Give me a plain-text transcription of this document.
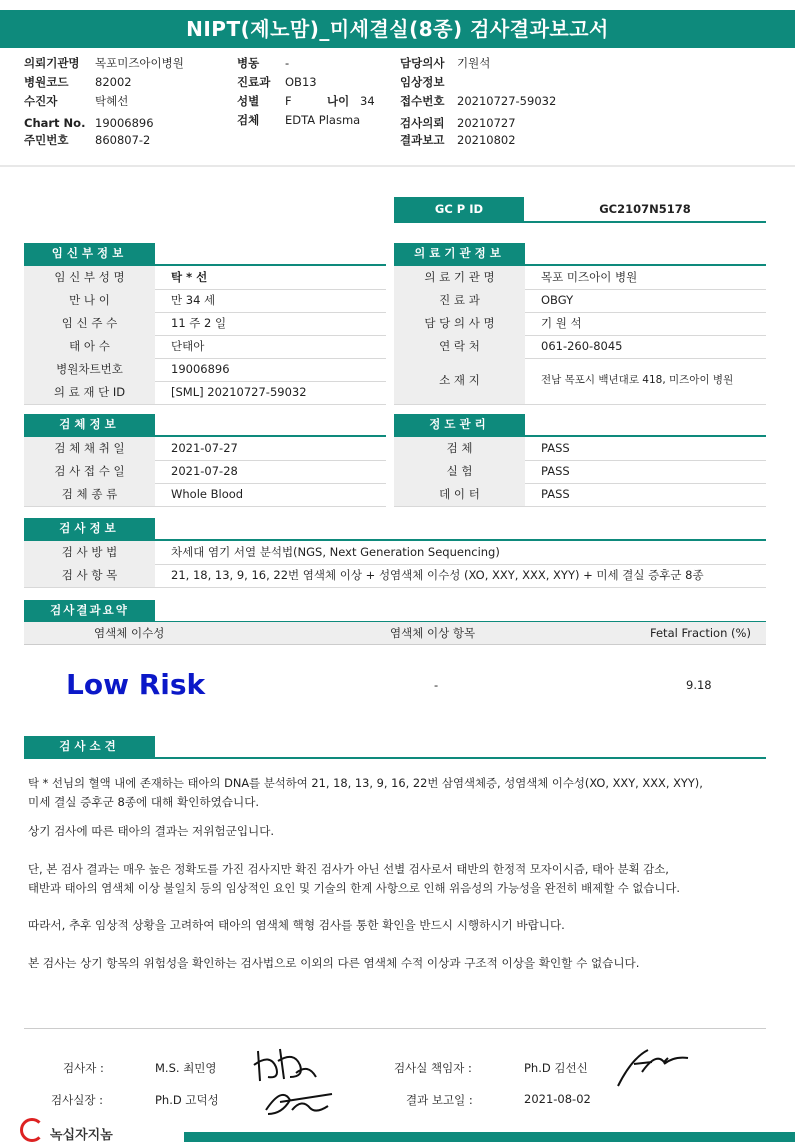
NIPT(제노맘)_미세결실(8종) 검사결과보고서
의뢰기관명 목포미즈아이병원
병원코드 82002
수진자	탁혜선
Chart No. 19006896
주민번호 860807-2
병동 -
진료과 OB13
성별 F	나이 34
검체 EDTA Plasma
담당의사 기원석
임상정보
접수번호 20210727-59032
검사의뢰 20210727
결과보고 20210802
GC P ID	GC2107N5178
임신부정보
임 신 부 성 명	탁 * 선
만 나 이	만 34 세
임 신 주 수	11 주 2 일
태 아 수	단태아
병원차트번호	19006896
의 료 재 단 ID	[SML] 20210727-59032
의료기관정보
의 료 기 관 명	목포 미즈아이 병원
진 료 과	OBGY
담 당 의 사 명	기 원 석
연 락 처	061-260-8045
소 재 지	전남 목포시 백년대로 418, 미즈아이 병원
검체정보
검 체 채 취 일	2021-07-27
검 사 접 수 일	2021-07-28
검 체 종 류	Whole Blood
정도관리
검 체	PASS
실 험	PASS
데 이 터	PASS
검사정보
검 사 방 법	차세대 염기 서열 분석법(NGS, Next Generation Sequencing)
검 사 항 목	21, 18, 13, 9, 16, 22번 염색체 이상 + 성염색체 이수성 (XO, XXY, XXX, XYY) + 미세 결실 증후군 8종
검사결과요약
염색체 이수성	염색체 이상 항목	Fetal Fraction (%)
Low Risk	-	9.18
검사소견
탁 * 선님의 혈액 내에 존재하는 태아의 DNA를 분석하여 21, 18, 13, 9, 16, 22번 삼염색체증, 성염색체 이수성(XO, XXY, XXX, XYY),
미세 결실 증후군 8종에 대해 확인하였습니다.
상기 검사에 따른 태아의 결과는 저위험군입니다.
단, 본 검사 결과는 매우 높은 정확도를 가진 검사지만 확진 검사가 아닌 선별 검사로서 태반의 한정적 모자이시즘, 태아 분획 감소,
태반과 태아의 염색체 이상 불일치 등의 임상적인 요인 및 기술의 한계 사항으로 인해 위음성의 가능성을 완전히 배제할 수 없습니다.
따라서, 추후 임상적 상황을 고려하여 태아의 염색체 핵형 검사를 통한 확인을 반드시 시행하시기 바랍니다.
본 검사는 상기 항목의 위험성을 확인하는 검사법으로 이외의 다른 염색체 수적 이상과 구조적 이상을 확인할 수 없습니다.
검사자 :	M.S. 최민영
검사실장 :	Ph.D 고덕성
검사실 책임자 :	Ph.D 김선신
결과 보고일 :	2021-08-02
녹십자지놈
